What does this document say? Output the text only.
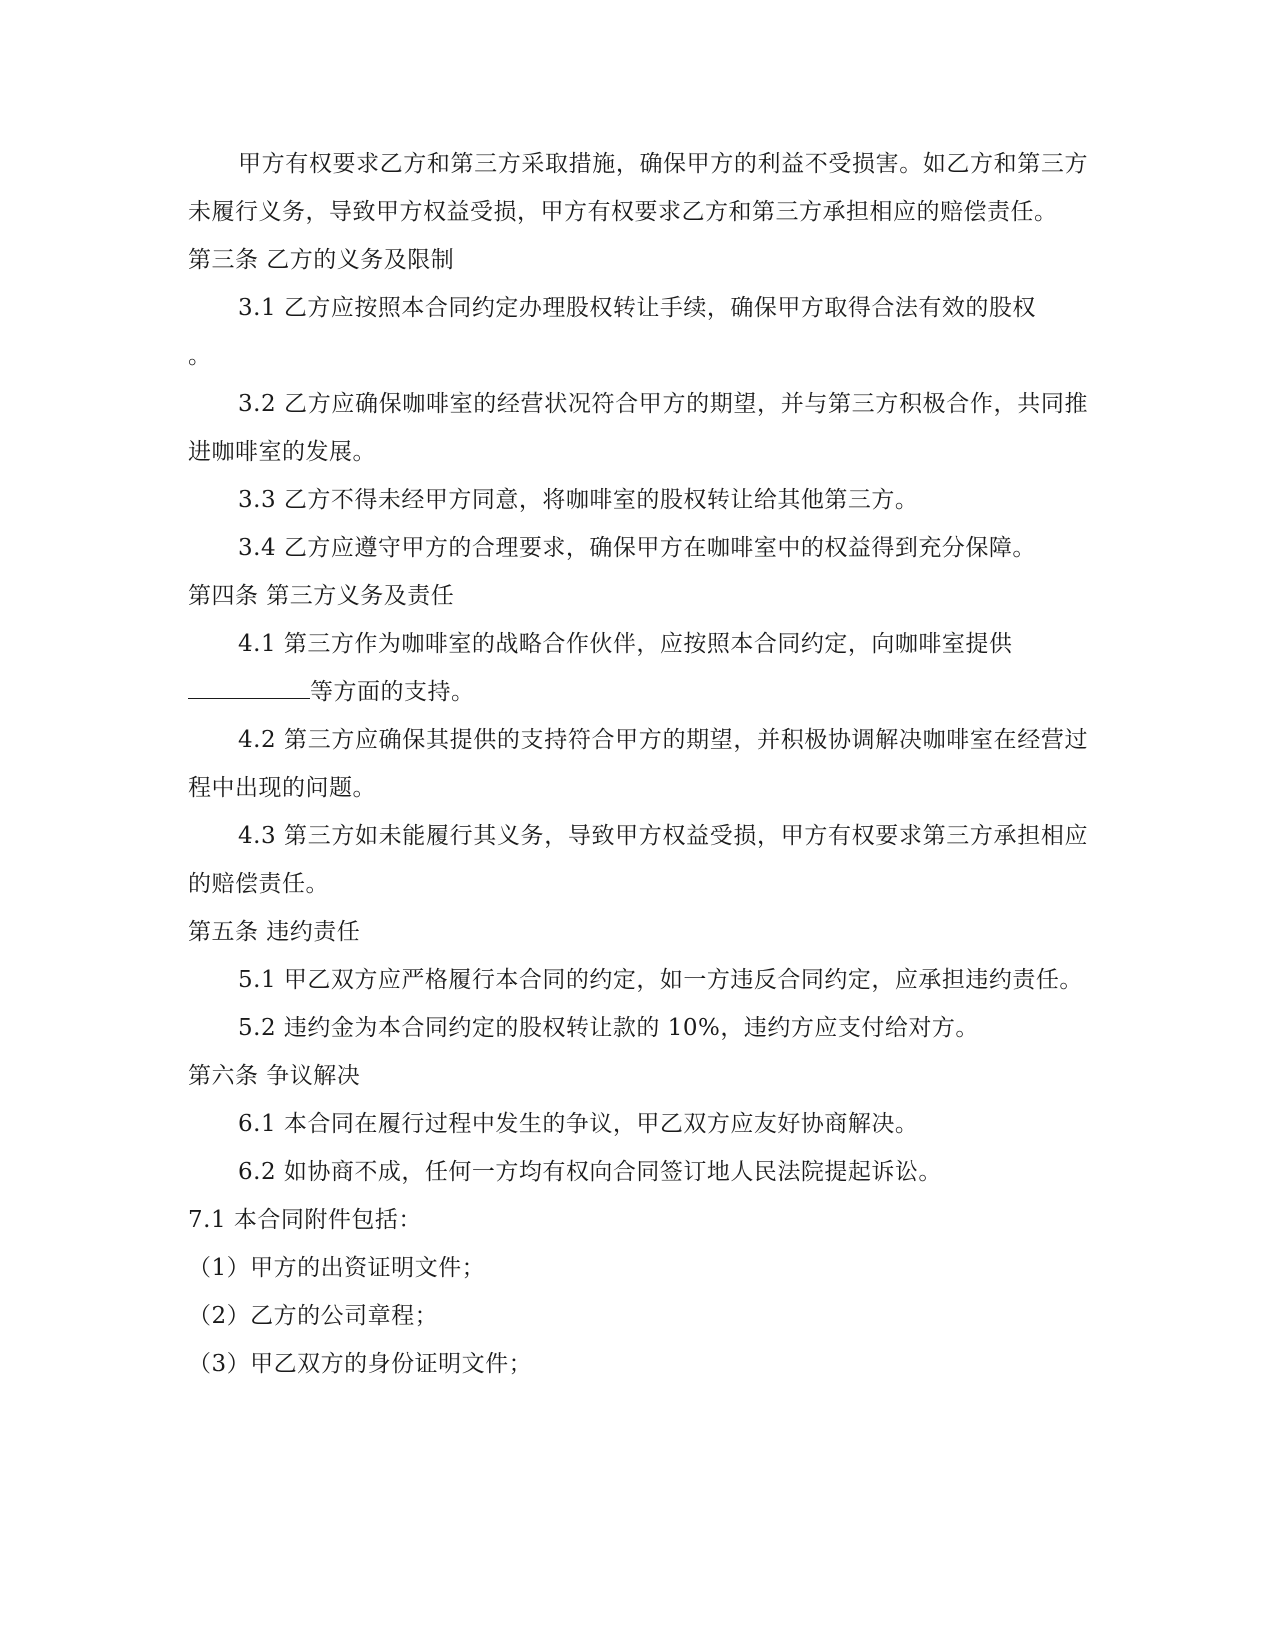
甲方有权要求乙方和第三方采取措施，确保甲方的利益不受损害。如乙方和第三方未履行义务，导致甲方权益受损，甲方有权要求乙方和第三方承担相应的赔偿责任。

第三条 乙方的义务及限制

3.1 乙方应按照本合同约定办理股权转让手续，确保甲方取得合法有效的股权
。

3.2 乙方应确保咖啡室的经营状况符合甲方的期望，并与第三方积极合作，共同推进咖啡室的发展。

3.3 乙方不得未经甲方同意，将咖啡室的股权转让给其他第三方。

3.4 乙方应遵守甲方的合理要求，确保甲方在咖啡室中的权益得到充分保障。

第四条 第三方义务及责任

4.1 第三方作为咖啡室的战略合作伙伴，应按照本合同约定，向咖啡室提供
等方面的支持。

4.2 第三方应确保其提供的支持符合甲方的期望，并积极协调解决咖啡室在经营过程中出现的问题。

4.3 第三方如未能履行其义务，导致甲方权益受损，甲方有权要求第三方承担相应的赔偿责任。

第五条 违约责任

5.1 甲乙双方应严格履行本合同的约定，如一方违反合同约定，应承担违约责任。

5.2 违约金为本合同约定的股权转让款的 10%，违约方应支付给对方。

第六条 争议解决

6.1 本合同在履行过程中发生的争议，甲乙双方应友好协商解决。

6.2 如协商不成，任何一方均有权向合同签订地人民法院提起诉讼。

7.1 本合同附件包括：

（1）甲方的出资证明文件；

（2）乙方的公司章程；

（3）甲乙双方的身份证明文件；
